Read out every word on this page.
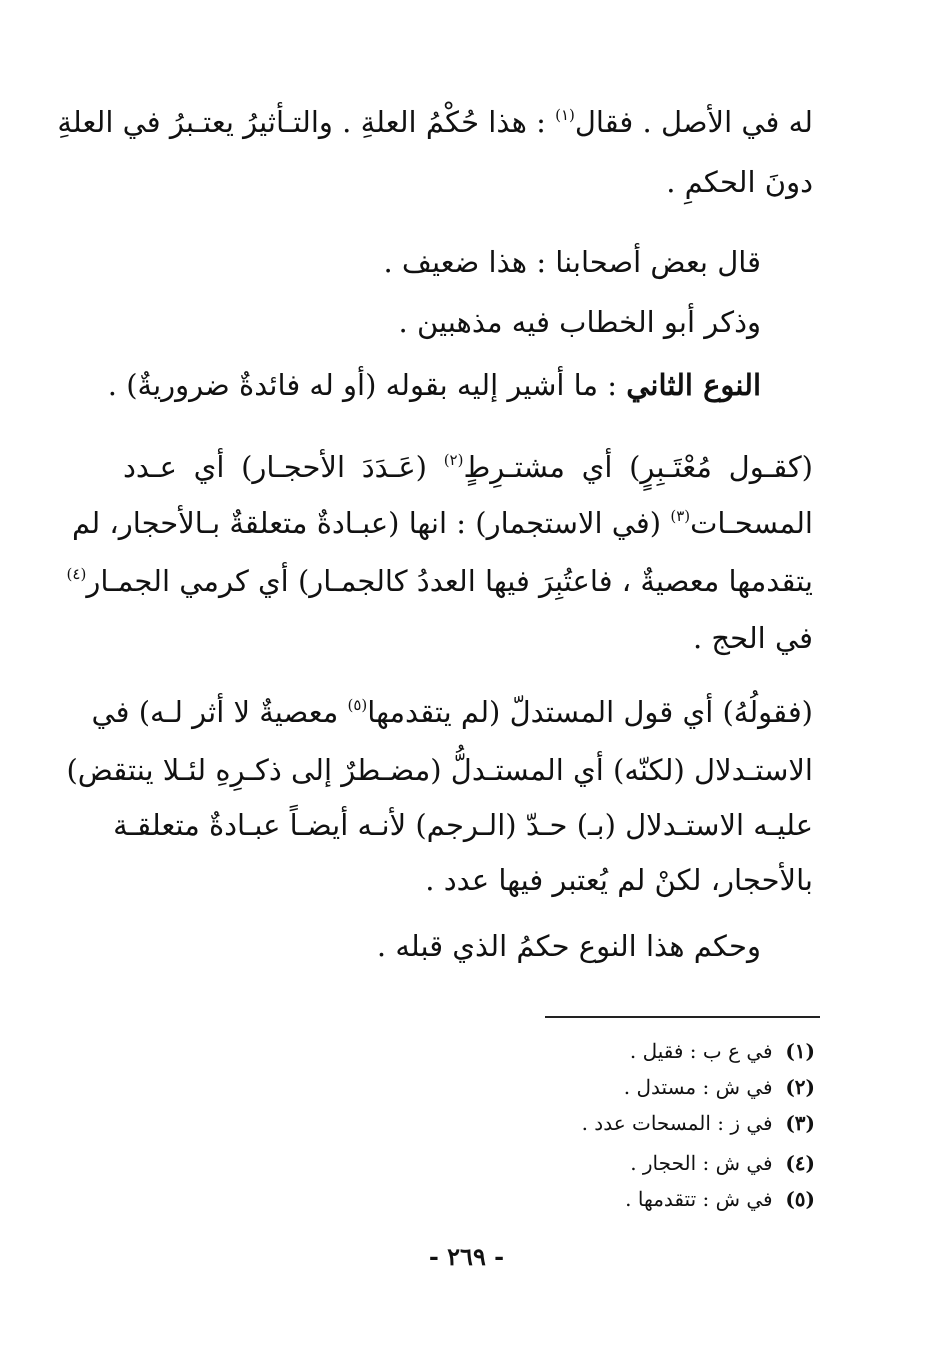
له في الأصل . فقال$^{(١)}$ : هذا حُكْمُ العلةِ . والتـأثيرُ يعتـبرُ في العلةِ
دونَ الحكمِ .
قال بعض أصحابنا : هذا ضعيف .
وذكر أبو الخطاب فيه مذهبين .
النوع الثاني : ما أشير إليه بقوله (أو له فائدةٌ ضروريةٌ) .
(كقـول مُعْتَـبِرٍ) أي مشتـرِطٍ$^{(٢)}$ (عَـدَدَ الأحجـار) أي عـدد
المسحـات$^{(٣)}$ (في الاستجمار) : انها (عبـادةٌ متعلقةٌ بـالأحجار، لم
يتقدمها معصيةٌ ، فاعتُبِرَ فيها العددُ كالجمـار) أي كرمي الجمـار$^{(٤)}$
في الحج .
(فقولُهُ) أي قول المستدلّ (لم يتقدمها$^{(٥)}$ معصيةٌ لا أثر لـه) في
الاستـدلال (لكنّه) أي المستـدلُّ (مضـطرٌ إلى ذكـرِهِ لئـلا ينتقض)
عليـه الاستـدلال (بـ) حـدّ (الـرجم) لأنـه أيضـاً عبـادةٌ متعلقـة
بالأحجار، لكنْ لم يُعتبر فيها عدد .
وحكم هذا النوع حكمُ الذي قبله .
(١)  في ع ب : فقيل .
(٢)  في ش : مستدل .
(٣)  في ز : المسحات عدد .
(٤)  في ش : الحجار .
(٥)  في ش : تتقدمها .
- ٢٦٩ -
